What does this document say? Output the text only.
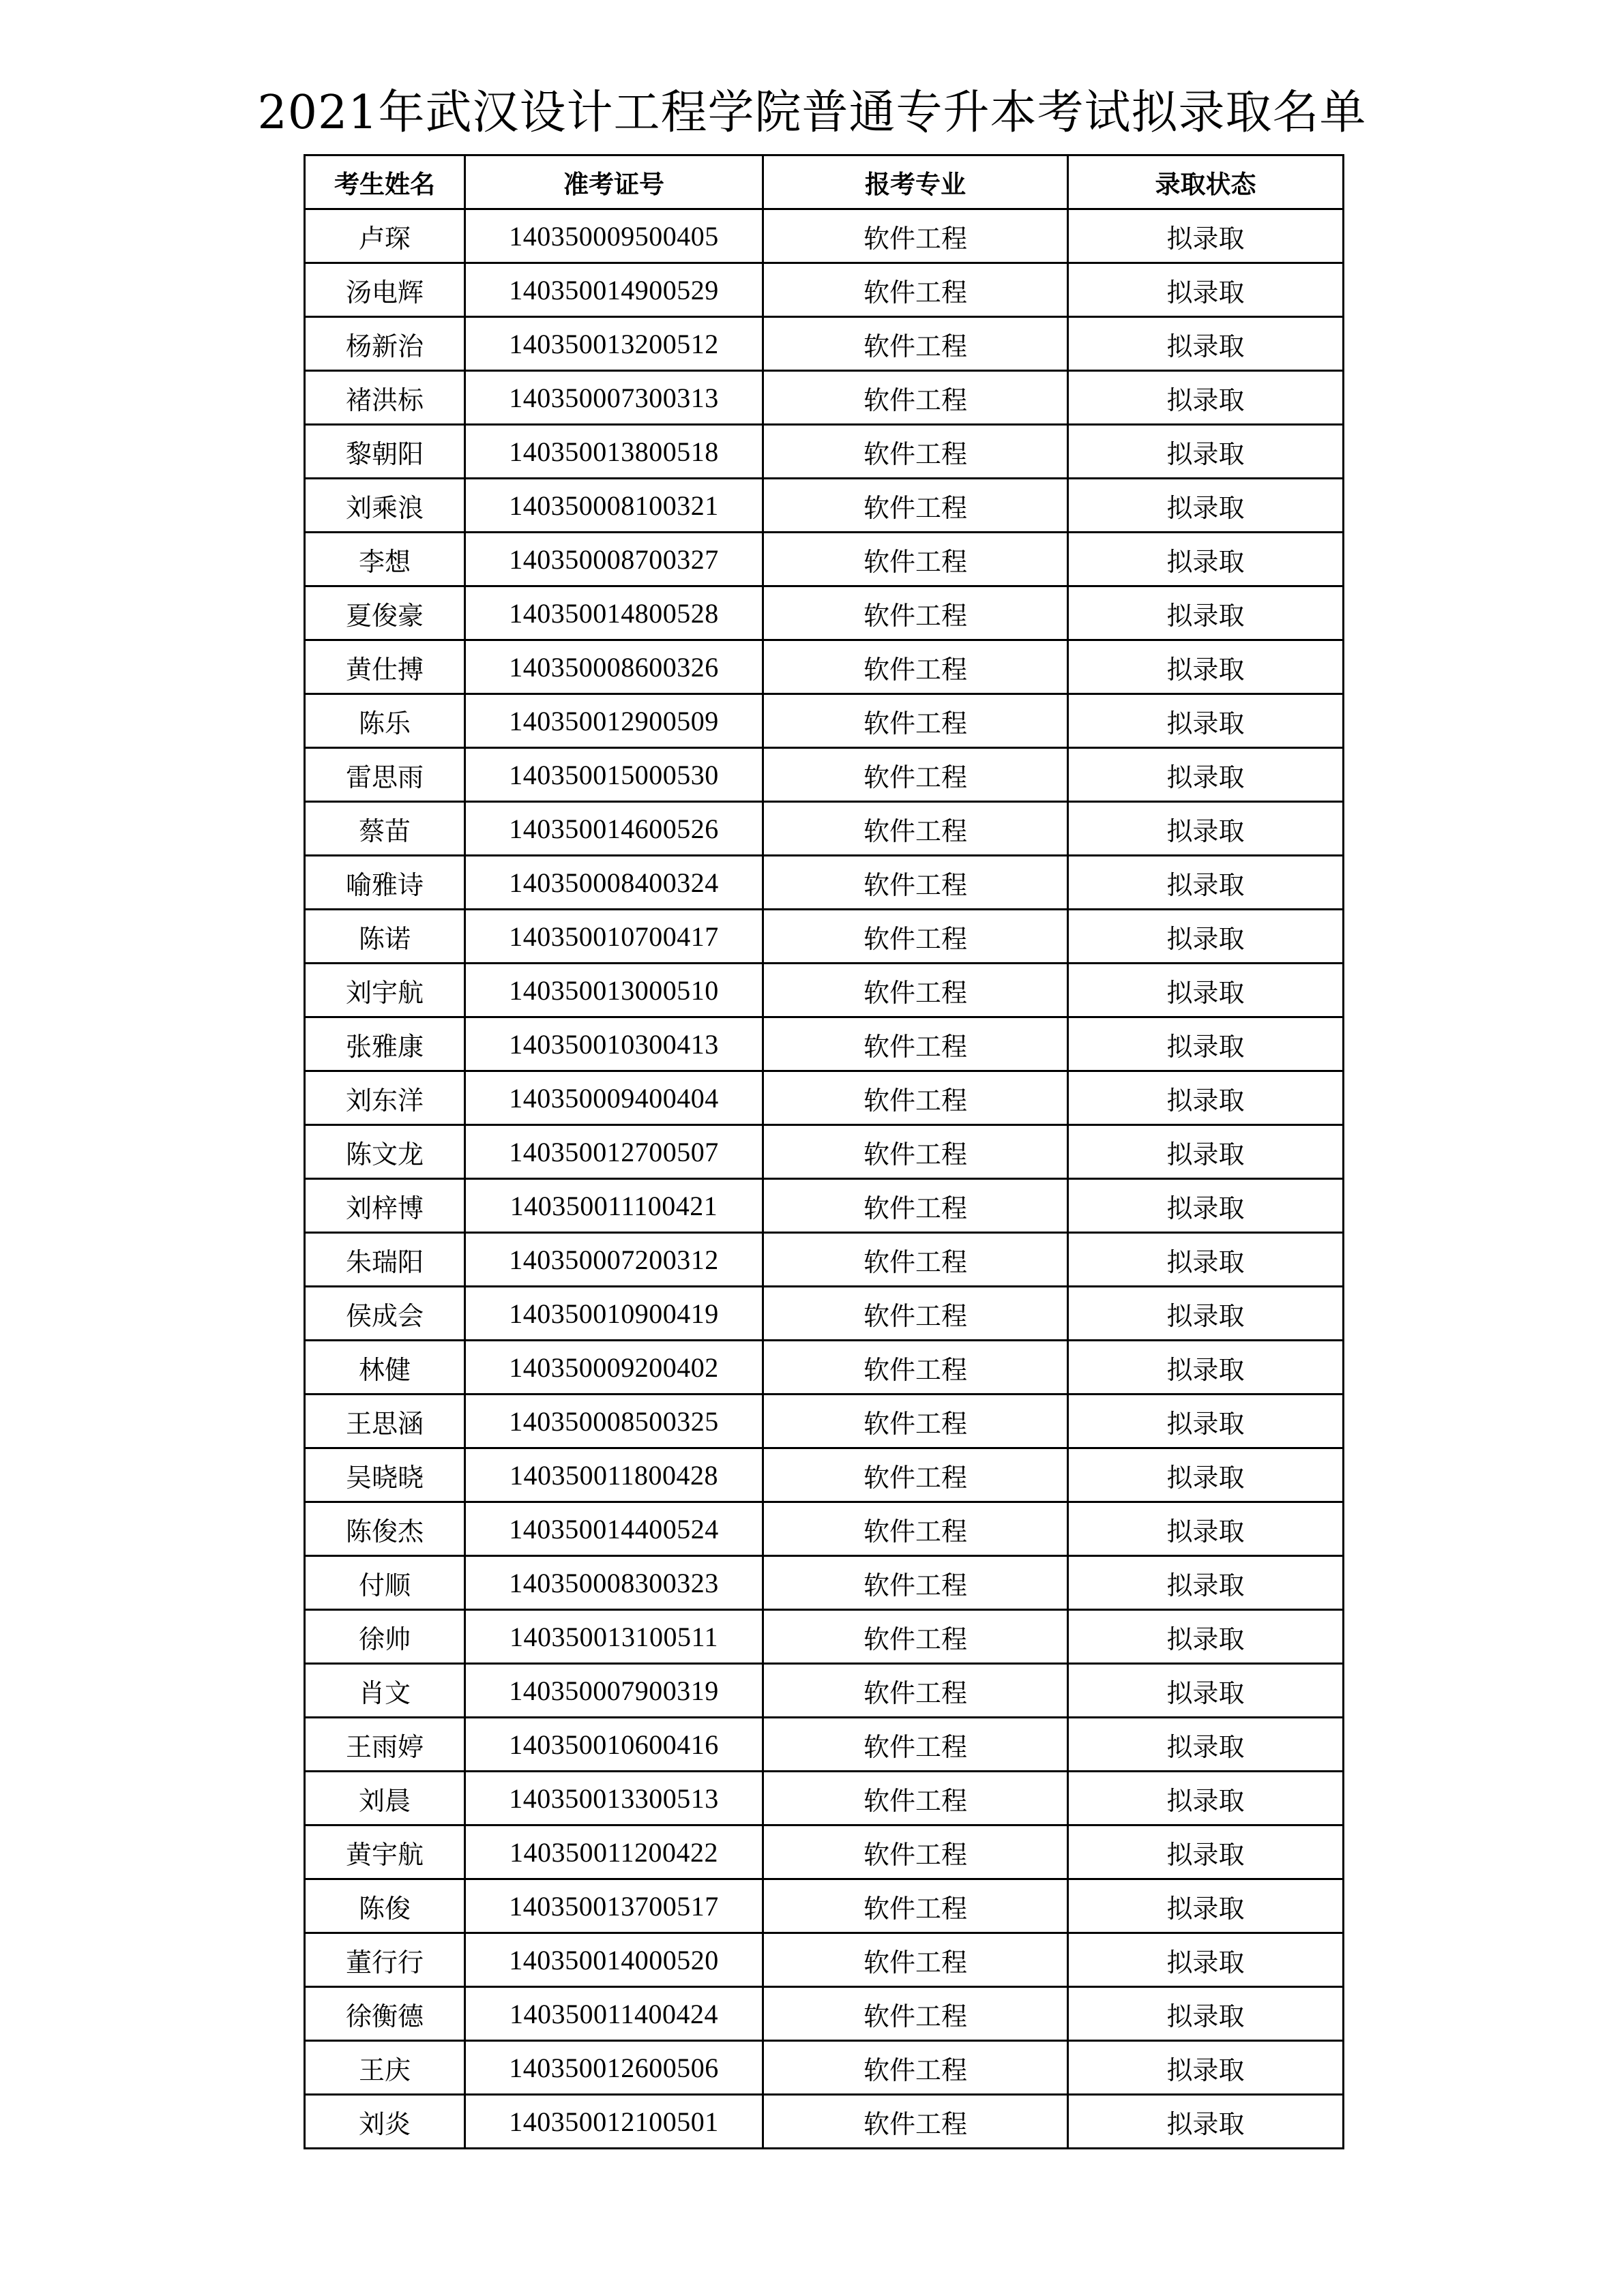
2021年武汉设计工程学院普通专升本考试拟录取名单
考生姓名	准考证号	报考专业	录取状态
卢琛	140350009500405	软件工程	拟录取
汤电辉	140350014900529	软件工程	拟录取
杨新治	140350013200512	软件工程	拟录取
褚洪标	140350007300313	软件工程	拟录取
黎朝阳	140350013800518	软件工程	拟录取
刘乘浪	140350008100321	软件工程	拟录取
李想	140350008700327	软件工程	拟录取
夏俊豪	140350014800528	软件工程	拟录取
黄仕搏	140350008600326	软件工程	拟录取
陈乐	140350012900509	软件工程	拟录取
雷思雨	140350015000530	软件工程	拟录取
蔡苗	140350014600526	软件工程	拟录取
喻雅诗	140350008400324	软件工程	拟录取
陈诺	140350010700417	软件工程	拟录取
刘宇航	140350013000510	软件工程	拟录取
张雅康	140350010300413	软件工程	拟录取
刘东洋	140350009400404	软件工程	拟录取
陈文龙	140350012700507	软件工程	拟录取
刘梓博	140350011100421	软件工程	拟录取
朱瑞阳	140350007200312	软件工程	拟录取
侯成会	140350010900419	软件工程	拟录取
林健	140350009200402	软件工程	拟录取
王思涵	140350008500325	软件工程	拟录取
吴晓晓	140350011800428	软件工程	拟录取
陈俊杰	140350014400524	软件工程	拟录取
付顺	140350008300323	软件工程	拟录取
徐帅	140350013100511	软件工程	拟录取
肖文	140350007900319	软件工程	拟录取
王雨婷	140350010600416	软件工程	拟录取
刘晨	140350013300513	软件工程	拟录取
黄宇航	140350011200422	软件工程	拟录取
陈俊	140350013700517	软件工程	拟录取
董行行	140350014000520	软件工程	拟录取
徐衡德	140350011400424	软件工程	拟录取
王庆	140350012600506	软件工程	拟录取
刘炎	140350012100501	软件工程	拟录取
